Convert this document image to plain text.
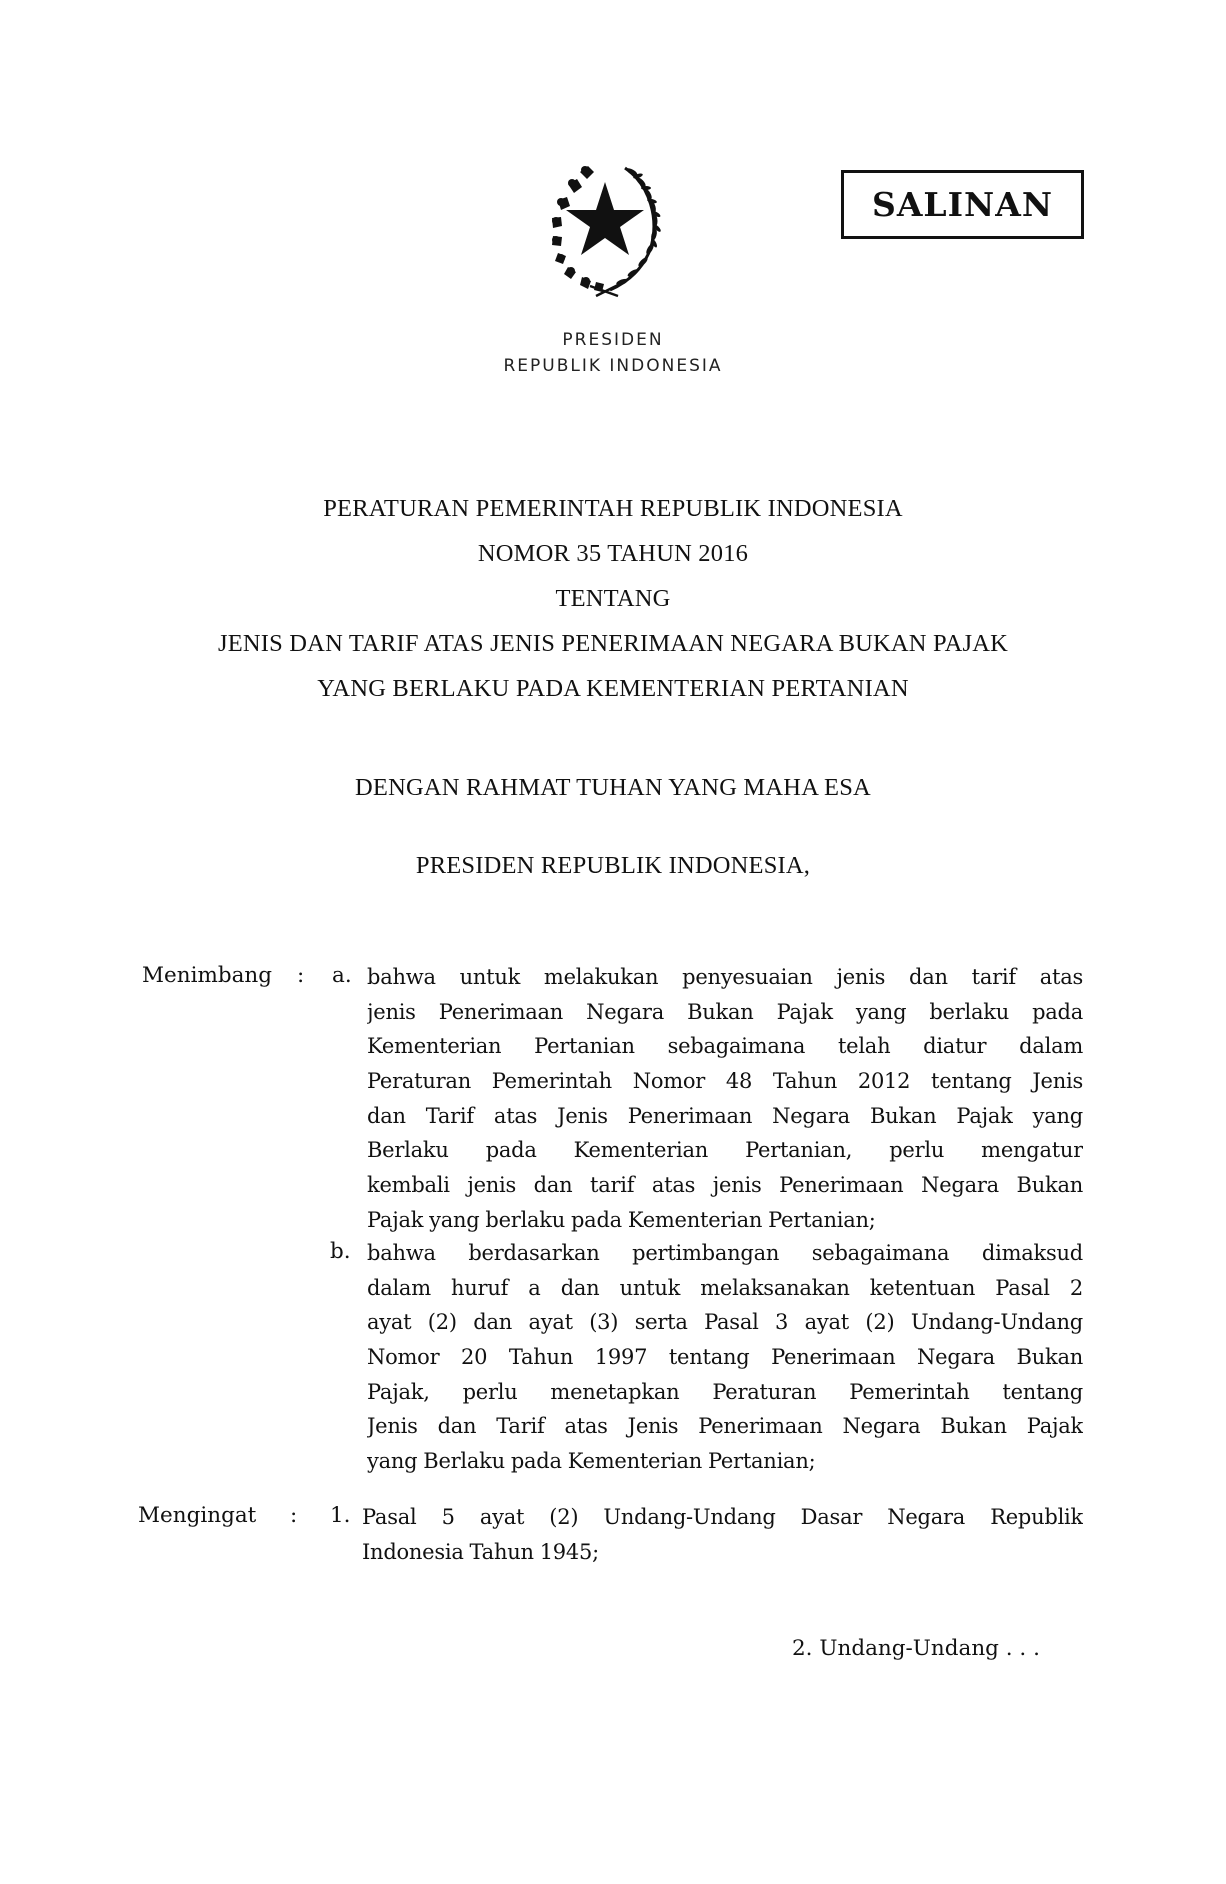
SALINAN
PRESIDEN
REPUBLIK INDONESIA
PERATURAN PEMERINTAH REPUBLIK INDONESIA
NOMOR 35 TAHUN 2016
TENTANG
JENIS DAN TARIF ATAS JENIS PENERIMAAN NEGARA BUKAN PAJAK
YANG BERLAKU PADA KEMENTERIAN PERTANIAN
DENGAN RAHMAT TUHAN YANG MAHA ESA
PRESIDEN REPUBLIK INDONESIA,
Menimbang : a. bahwa untuk melakukan penyesuaian jenis dan tarif atas
jenis Penerimaan Negara Bukan Pajak yang berlaku pada
Kementerian Pertanian sebagaimana telah diatur dalam
Peraturan Pemerintah Nomor 48 Tahun 2012 tentang Jenis
dan Tarif atas Jenis Penerimaan Negara Bukan Pajak yang
Berlaku pada Kementerian Pertanian, perlu mengatur
kembali jenis dan tarif atas jenis Penerimaan Negara Bukan
Pajak yang berlaku pada Kementerian Pertanian;
b. bahwa berdasarkan pertimbangan sebagaimana dimaksud
dalam huruf a dan untuk melaksanakan ketentuan Pasal 2
ayat (2) dan ayat (3) serta Pasal 3 ayat (2) Undang-Undang
Nomor 20 Tahun 1997 tentang Penerimaan Negara Bukan
Pajak, perlu menetapkan Peraturan Pemerintah tentang
Jenis dan Tarif atas Jenis Penerimaan Negara Bukan Pajak
yang Berlaku pada Kementerian Pertanian;
Mengingat : 1. Pasal 5 ayat (2) Undang-Undang Dasar Negara Republik
Indonesia Tahun 1945;
2. Undang-Undang . . .
